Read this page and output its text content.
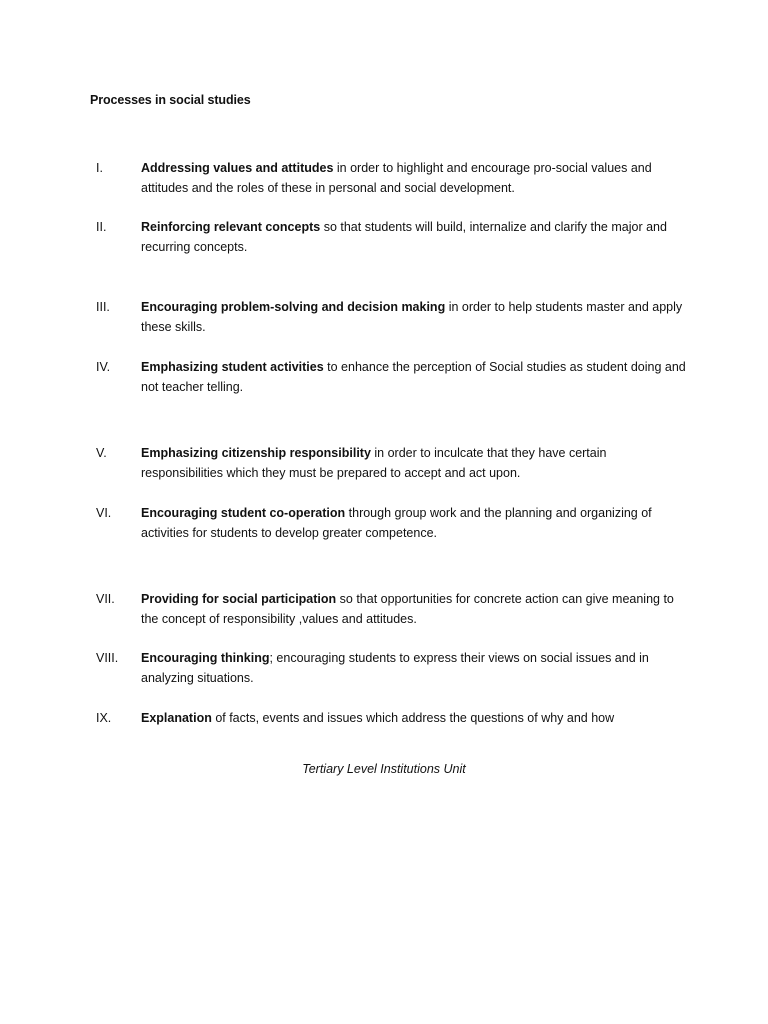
Processes in social studies
I.	Addressing values and attitudes in order to highlight and encourage pro-social values and attitudes and the roles of these in personal and social development.
II.	Reinforcing relevant concepts so that students will build, internalize and clarify the major and recurring concepts.
III.	Encouraging problem-solving and decision making in order to help students master and apply these skills.
IV.	Emphasizing student activities to enhance the perception of Social studies as student doing and not teacher telling.
V.	Emphasizing citizenship responsibility in order to inculcate that they have certain responsibilities which they must be prepared to accept and act upon.
VI.	Encouraging student co-operation through group work and the planning and organizing of activities for students to develop greater competence.
VII.	Providing for social participation so that opportunities for concrete action can give meaning to the concept of responsibility ,values and attitudes.
VIII.	Encouraging thinking; encouraging students to express their views on social issues and in analyzing situations.
IX.	Explanation of facts, events and issues which address the questions of why and how
Tertiary Level Institutions Unit
